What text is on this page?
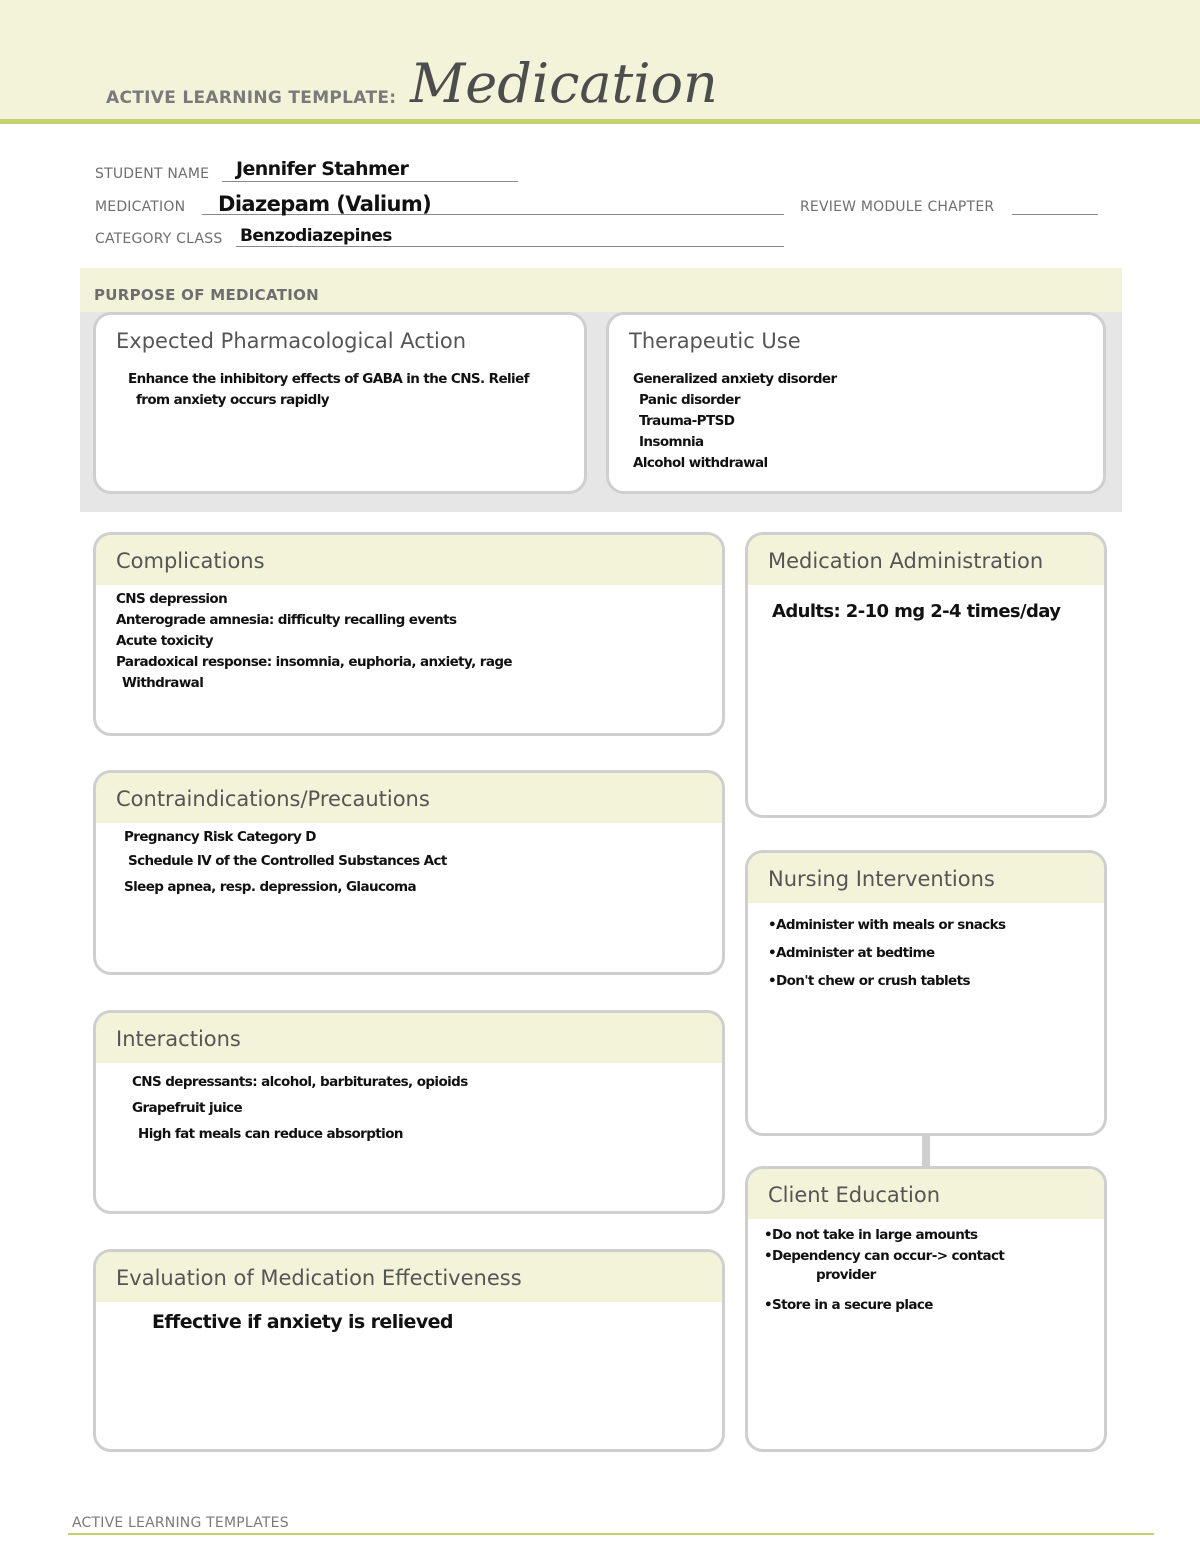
ACTIVE LEARNING TEMPLATE: Medication
STUDENT NAME Jennifer Stahmer
MEDICATION Diazepam (Valium)	REVIEW MODULE CHAPTER
CATEGORY CLASS Benzodiazepines
PURPOSE OF MEDICATION
Expected Pharmacological Action
Enhance the inhibitory effects of GABA in the CNS. Relief
from anxiety occurs rapidly
Therapeutic Use
Generalized anxiety disorder
Panic disorder
Trauma-PTSD
Insomnia
Alcohol withdrawal
Complications
CNS depression
Anterograde amnesia: difficulty recalling events
Acute toxicity
Paradoxical response: insomnia, euphoria, anxiety, rage
Withdrawal
Medication Administration
Adults: 2-10 mg 2-4 times/day
Contraindications/Precautions
Pregnancy Risk Category D
Schedule IV of the Controlled Substances Act
Sleep apnea, resp. depression, Glaucoma	Nursing Interventions
•Administer with meals or snacks
•Administer at bedtime
•Don't chew or crush tablets
Interactions
CNS depressants: alcohol, barbiturates, opioids
Grapefruit juice
High fat meals can reduce absorption
Client Education
•Do not take in large amounts
•Dependency can occur-> contact
provider
•Store in a secure place
Evaluation of Medication Effectiveness
Effective if anxiety is relieved
ACTIVE LEARNING TEMPLATES
